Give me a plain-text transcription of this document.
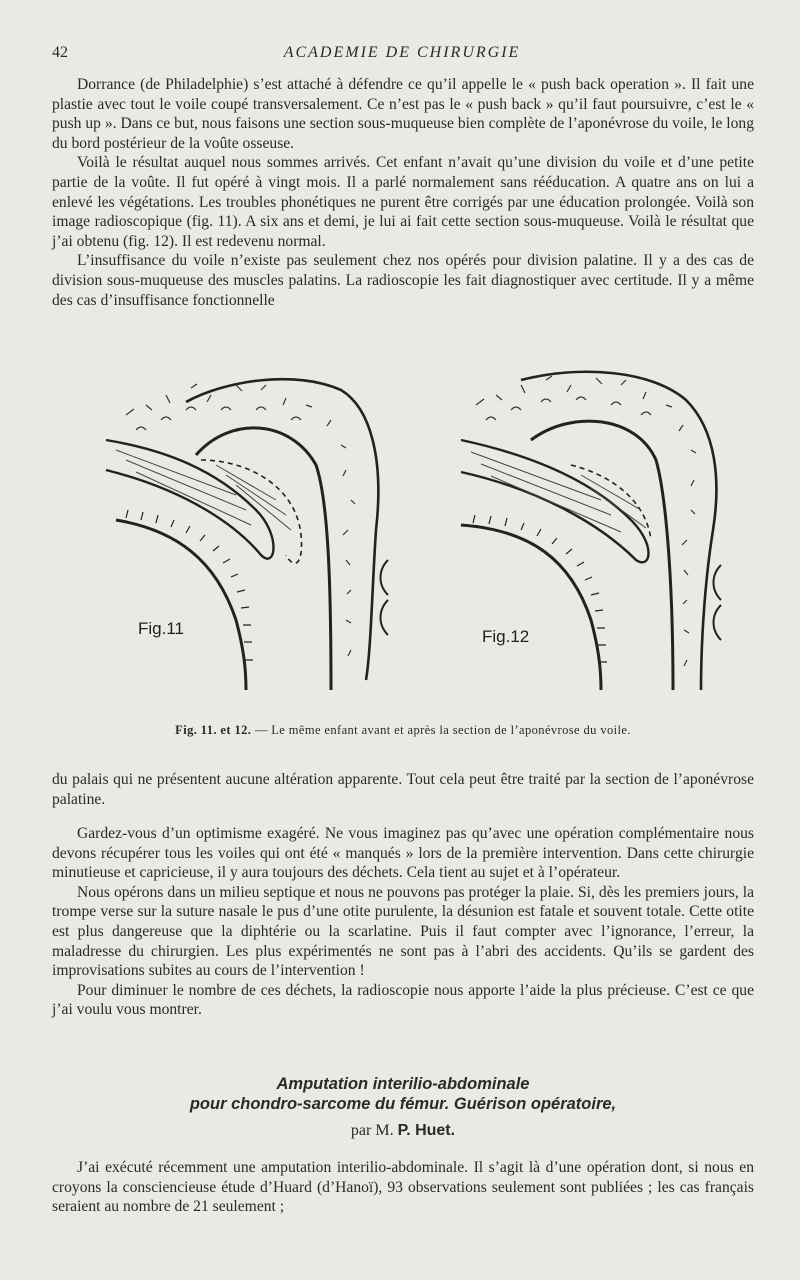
42	ACADEMIE DE CHIRURGIE

Dorrance (de Philadelphie) s’est attaché à défendre ce qu’il appelle le « push back operation ». Il fait une plastie avec tout le voile coupé transversalement. Ce n’est pas le « push back » qu’il faut poursuivre, c’est le « push up ». Dans ce but, nous faisons une section sous-muqueuse bien complète de l’aponévrose du voile, le long du bord postérieur de la voûte osseuse.

Voilà le résultat auquel nous sommes arrivés. Cet enfant n’avait qu’une division du voile et d’une petite partie de la voûte. Il fut opéré à vingt mois. Il a parlé normalement sans rééducation. A quatre ans on lui a enlevé les végétations. Les troubles phonétiques ne purent être corrigés par une éducation prolongée. Voilà son image radioscopique (fig. 11). A six ans et demi, je lui ai fait cette section sous-muqueuse. Voilà le résultat que j’ai obtenu (fig. 12). Il est redevenu normal.

L’insuffisance du voile n’existe pas seulement chez nos opérés pour division palatine. Il y a des cas de division sous-muqueuse des muscles palatins. La radioscopie les fait diagnostiquer avec certitude. Il y a même des cas d’insuffisance fonctionnelle

Fig.11	Fig.12
Fig. 11. et 12. — Le même enfant avant et après la section de l’aponévrose du voile.

du palais qui ne présentent aucune altération apparente. Tout cela peut être traité par la section de l’aponévrose palatine.

Gardez-vous d’un optimisme exagéré. Ne vous imaginez pas qu’avec une opération complémentaire nous devons récupérer tous les voiles qui ont été « manqués » lors de la première intervention. Dans cette chirurgie minutieuse et capricieuse, il y aura toujours des déchets. Cela tient au sujet et à l’opérateur.

Nous opérons dans un milieu septique et nous ne pouvons pas protéger la plaie. Si, dès les premiers jours, la trompe verse sur la suture nasale le pus d’une otite purulente, la désunion est fatale et souvent totale. Cette otite est plus dangereuse que la diphtérie ou la scarlatine. Puis il faut compter avec l’ignorance, l’erreur, la maladresse du chirurgien. Les plus expérimentés ne sont pas à l’abri des accidents. Qu’ils se gardent des improvisations subites au cours de l’intervention !

Pour diminuer le nombre de ces déchets, la radioscopie nous apporte l’aide la plus précieuse. C’est ce que j’ai voulu vous montrer.

Amputation interilio-abdominale
pour chondro-sarcome du fémur. Guérison opératoire,
par M. P. Huet.

J’ai exécuté récemment une amputation interilio-abdominale. Il s’agit là d’une opération dont, si nous en croyons la consciencieuse étude d’Huard (d’Hanoï), 93 observations seulement sont publiées ; les cas français seraient au nombre de 21 seulement ;
